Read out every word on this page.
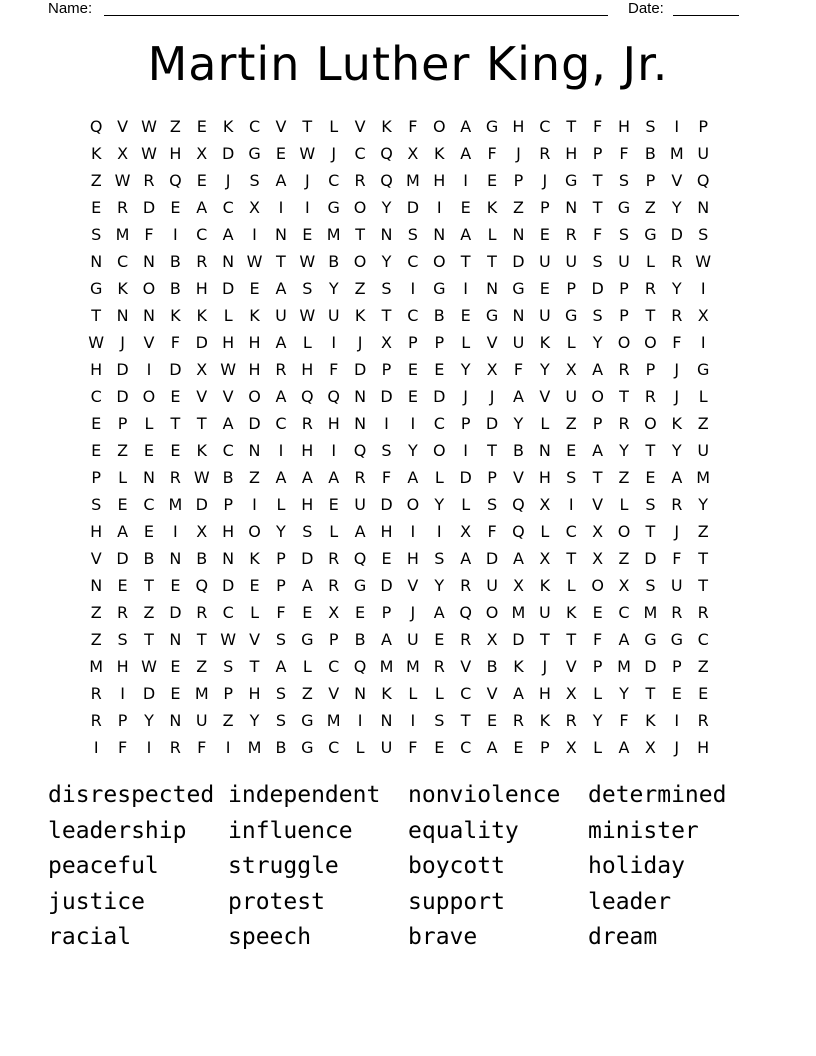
Name:	Date:
Martin Luther King, Jr.
Q V W Z E	K C V	T	L	V K	F O A G H C T	F H S	I	P
K X W H X D G E W	J	C Q X K A	F	J	R H P	F	B M U
Z W R Q E	J	S A	J	C R Q M H	I	E	P	J	G T	S	P	V Q
E R D E A C X	I	I	G O Y D	I	E	K Z	P N T G Z	Y N
S M F	I	C A	I	N E M T N S N A	L N E R	F	S G D S
N C N B R N W T W B O Y C O T	T D U U S U	L	R W
G K O B H D E A S	Y	Z S	I	G	I	N G E	P D P	R Y	I
T N N K K	L	K U W U K	T C B E G N U G S	P	T R X
W	J	V	F D H H A	L	I	J	X	P	P	L	V U K	L	Y O O F	I
H D	I	D X W H R H F D P	E	E	Y	X	F	Y	X A R	P	J	G
C D O E V V O A Q Q N D E D	J	J	A V U O T R	J	L
E	P	L	T	T	A D C R H N	I	I	C P D Y	L	Z	P	R O K Z
E Z E	E	K C N	I	H	I	Q S	Y O	I	T	B N E A	Y	T	Y U
P	L N R W B Z A A A R	F	A	L D P	V H S	T	Z E A M
S	E C M D P	I	L H E U D O Y	L	S Q X	I	V	L	S R Y
H A E	I	X H O Y	S	L	A H	I	I	X	F Q L	C X O T	J	Z
V D B N B N K	P D R Q E H S A D A X	T	X Z D F	T
N E	T	E Q D E	P	A R G D V	Y R U X K	L O X S U T
Z R Z D R C	L	F	E X E	P	J	A Q O M U K	E C M R R
Z S	T N T W V S G P	B A U E R X D T	T	F	A G G C
M H W E Z S	T	A	L	C Q M M R V B K	J	V	P M D P	Z
R	I	D E M P H S Z V N K	L	L	C V A H X	L	Y	T	E	E
R	P	Y N U Z	Y	S G M	I	N	I	S	T	E R K R Y	F	K	I	R
I	F	I	R	F	I	M B G C	L	U F	E C A E	P	X	L	A X	J	H
disrespected independent	nonviolence	determined
leadership	influence	equality	minister
peaceful	struggle	boycott	holiday
justice	protest	support	leader
racial	speech	brave	dream
